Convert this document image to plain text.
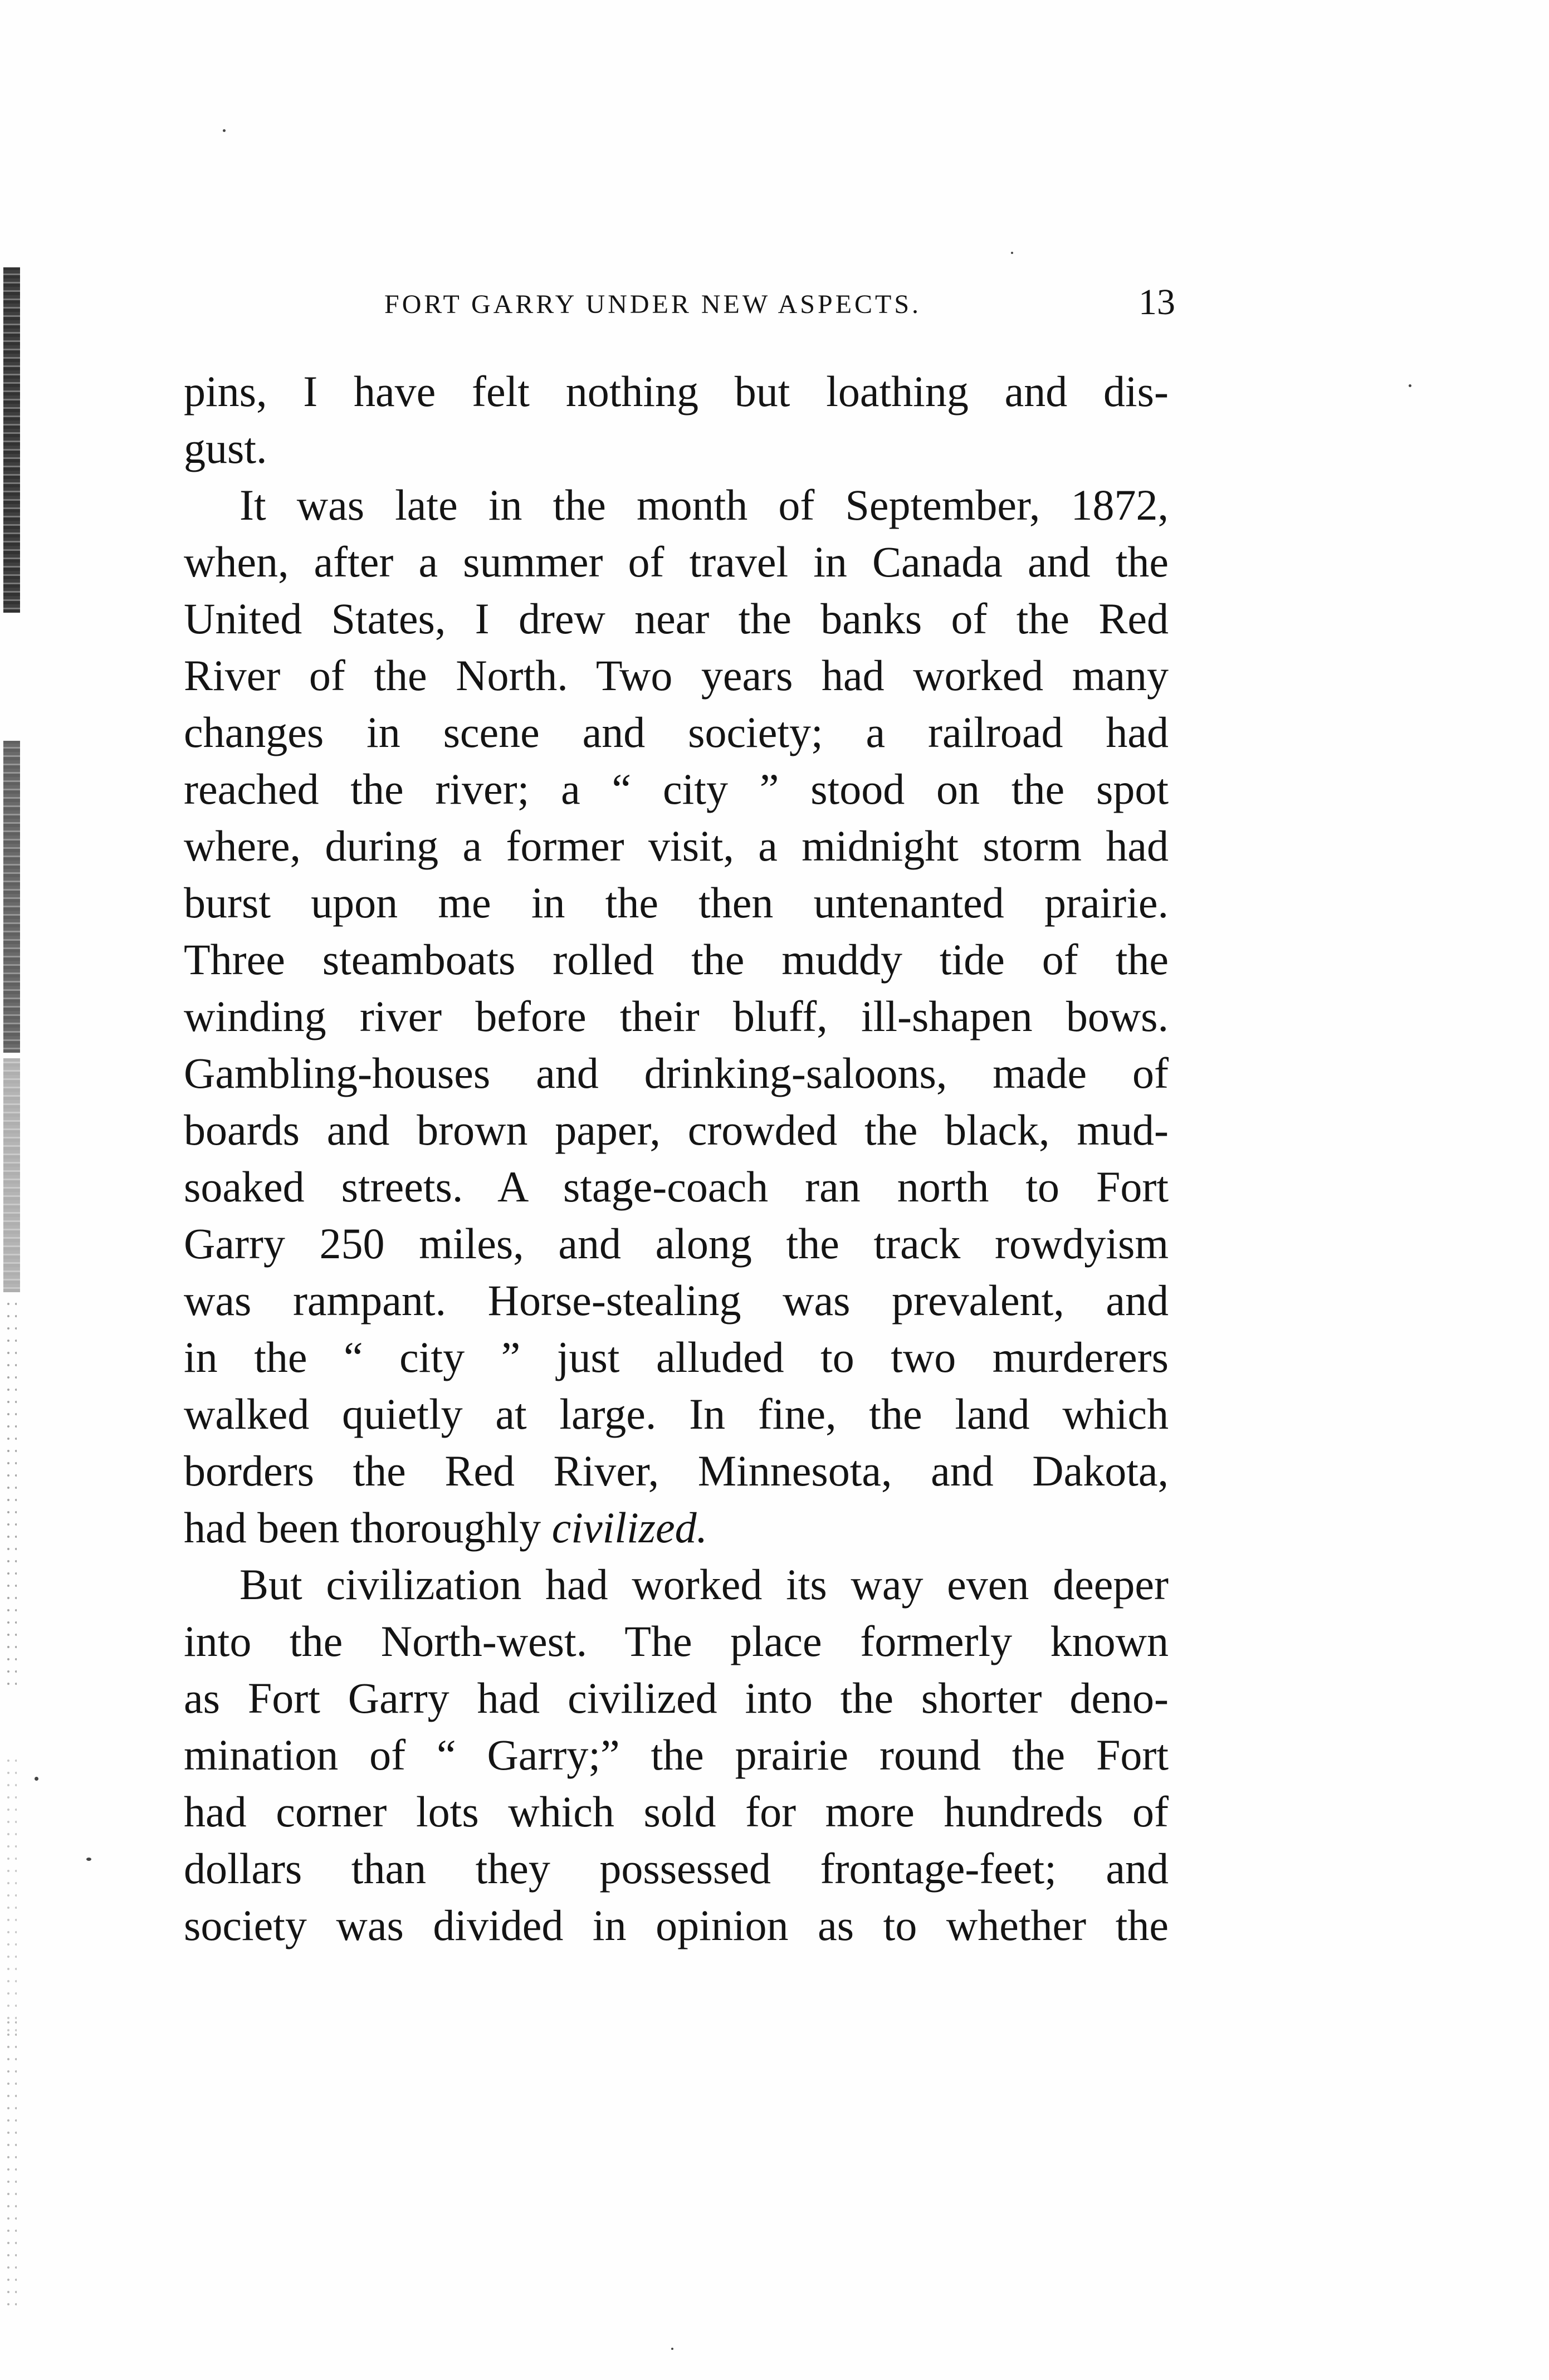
FORT GARRY UNDER NEW ASPECTS.	13
pins, I have felt nothing but loathing and dis-
gust.
It was late in the month of September, 1872,
when, after a summer of travel in Canada and the
United States, I drew near the banks of the Red
River of the North. Two years had worked many
changes in scene and society; a railroad had
reached the river; a “ city ” stood on the spot
where, during a former visit, a midnight storm had
burst upon me in the then untenanted prairie.
Three steamboats rolled the muddy tide of the
winding river before their bluff, ill-shapen bows.
Gambling-houses and drinking-saloons, made of
boards and brown paper, crowded the black, mud-
soaked streets. A stage-coach ran north to Fort
Garry 250 miles, and along the track rowdyism
was rampant. Horse-stealing was prevalent, and
in the “ city ” just alluded to two murderers
walked quietly at large. In fine, the land which
borders the Red River, Minnesota, and Dakota,
had been thoroughly civilized.
But civilization had worked its way even deeper
into the North-west. The place formerly known
as Fort Garry had civilized into the shorter deno-
mination of “ Garry;” the prairie round the Fort
had corner lots which sold for more hundreds of
dollars than they possessed frontage-feet; and
society was divided in opinion as to whether the
